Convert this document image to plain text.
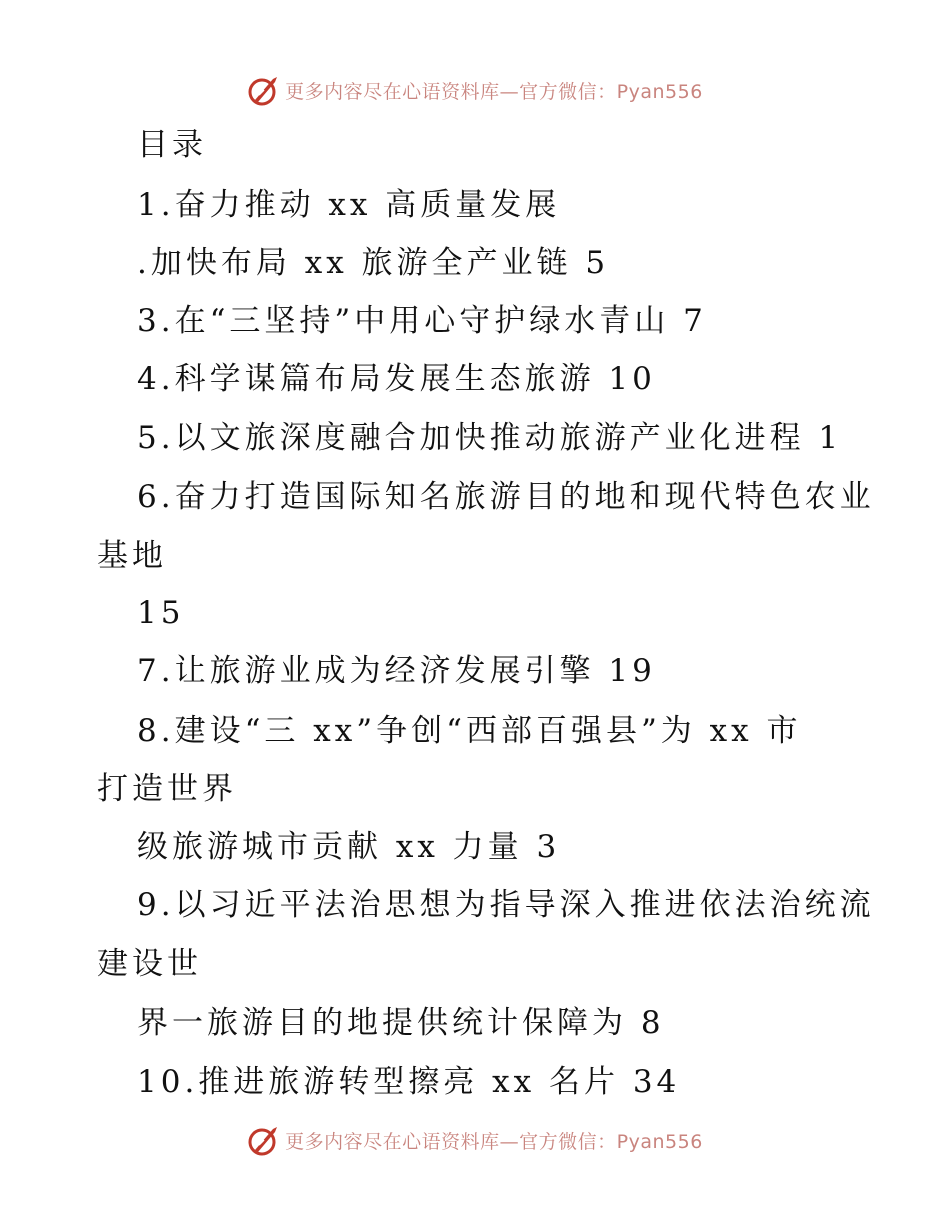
更多内容尽在心语资料库—官方微信：Pyan556
目录
1.奋力推动 xx 高质量发展
.加快布局 xx 旅游全产业链 5
3.在“三坚持”中用心守护绿水青山 7
4.科学谋篇布局发展生态旅游 10
5.以文旅深度融合加快推动旅游产业化进程 1
6.奋力打造国际知名旅游目的地和现代特色农业
基地
15
7.让旅游业成为经济发展引擎 19
8.建设“三 xx”争创“西部百强县”为 xx 市
打造世界
级旅游城市贡献 xx 力量 3
9.以习近平法治思想为指导深入推进依法治统流
建设世
界一旅游目的地提供统计保障为 8
10.推进旅游转型擦亮 xx 名片 34
更多内容尽在心语资料库—官方微信：Pyan556
